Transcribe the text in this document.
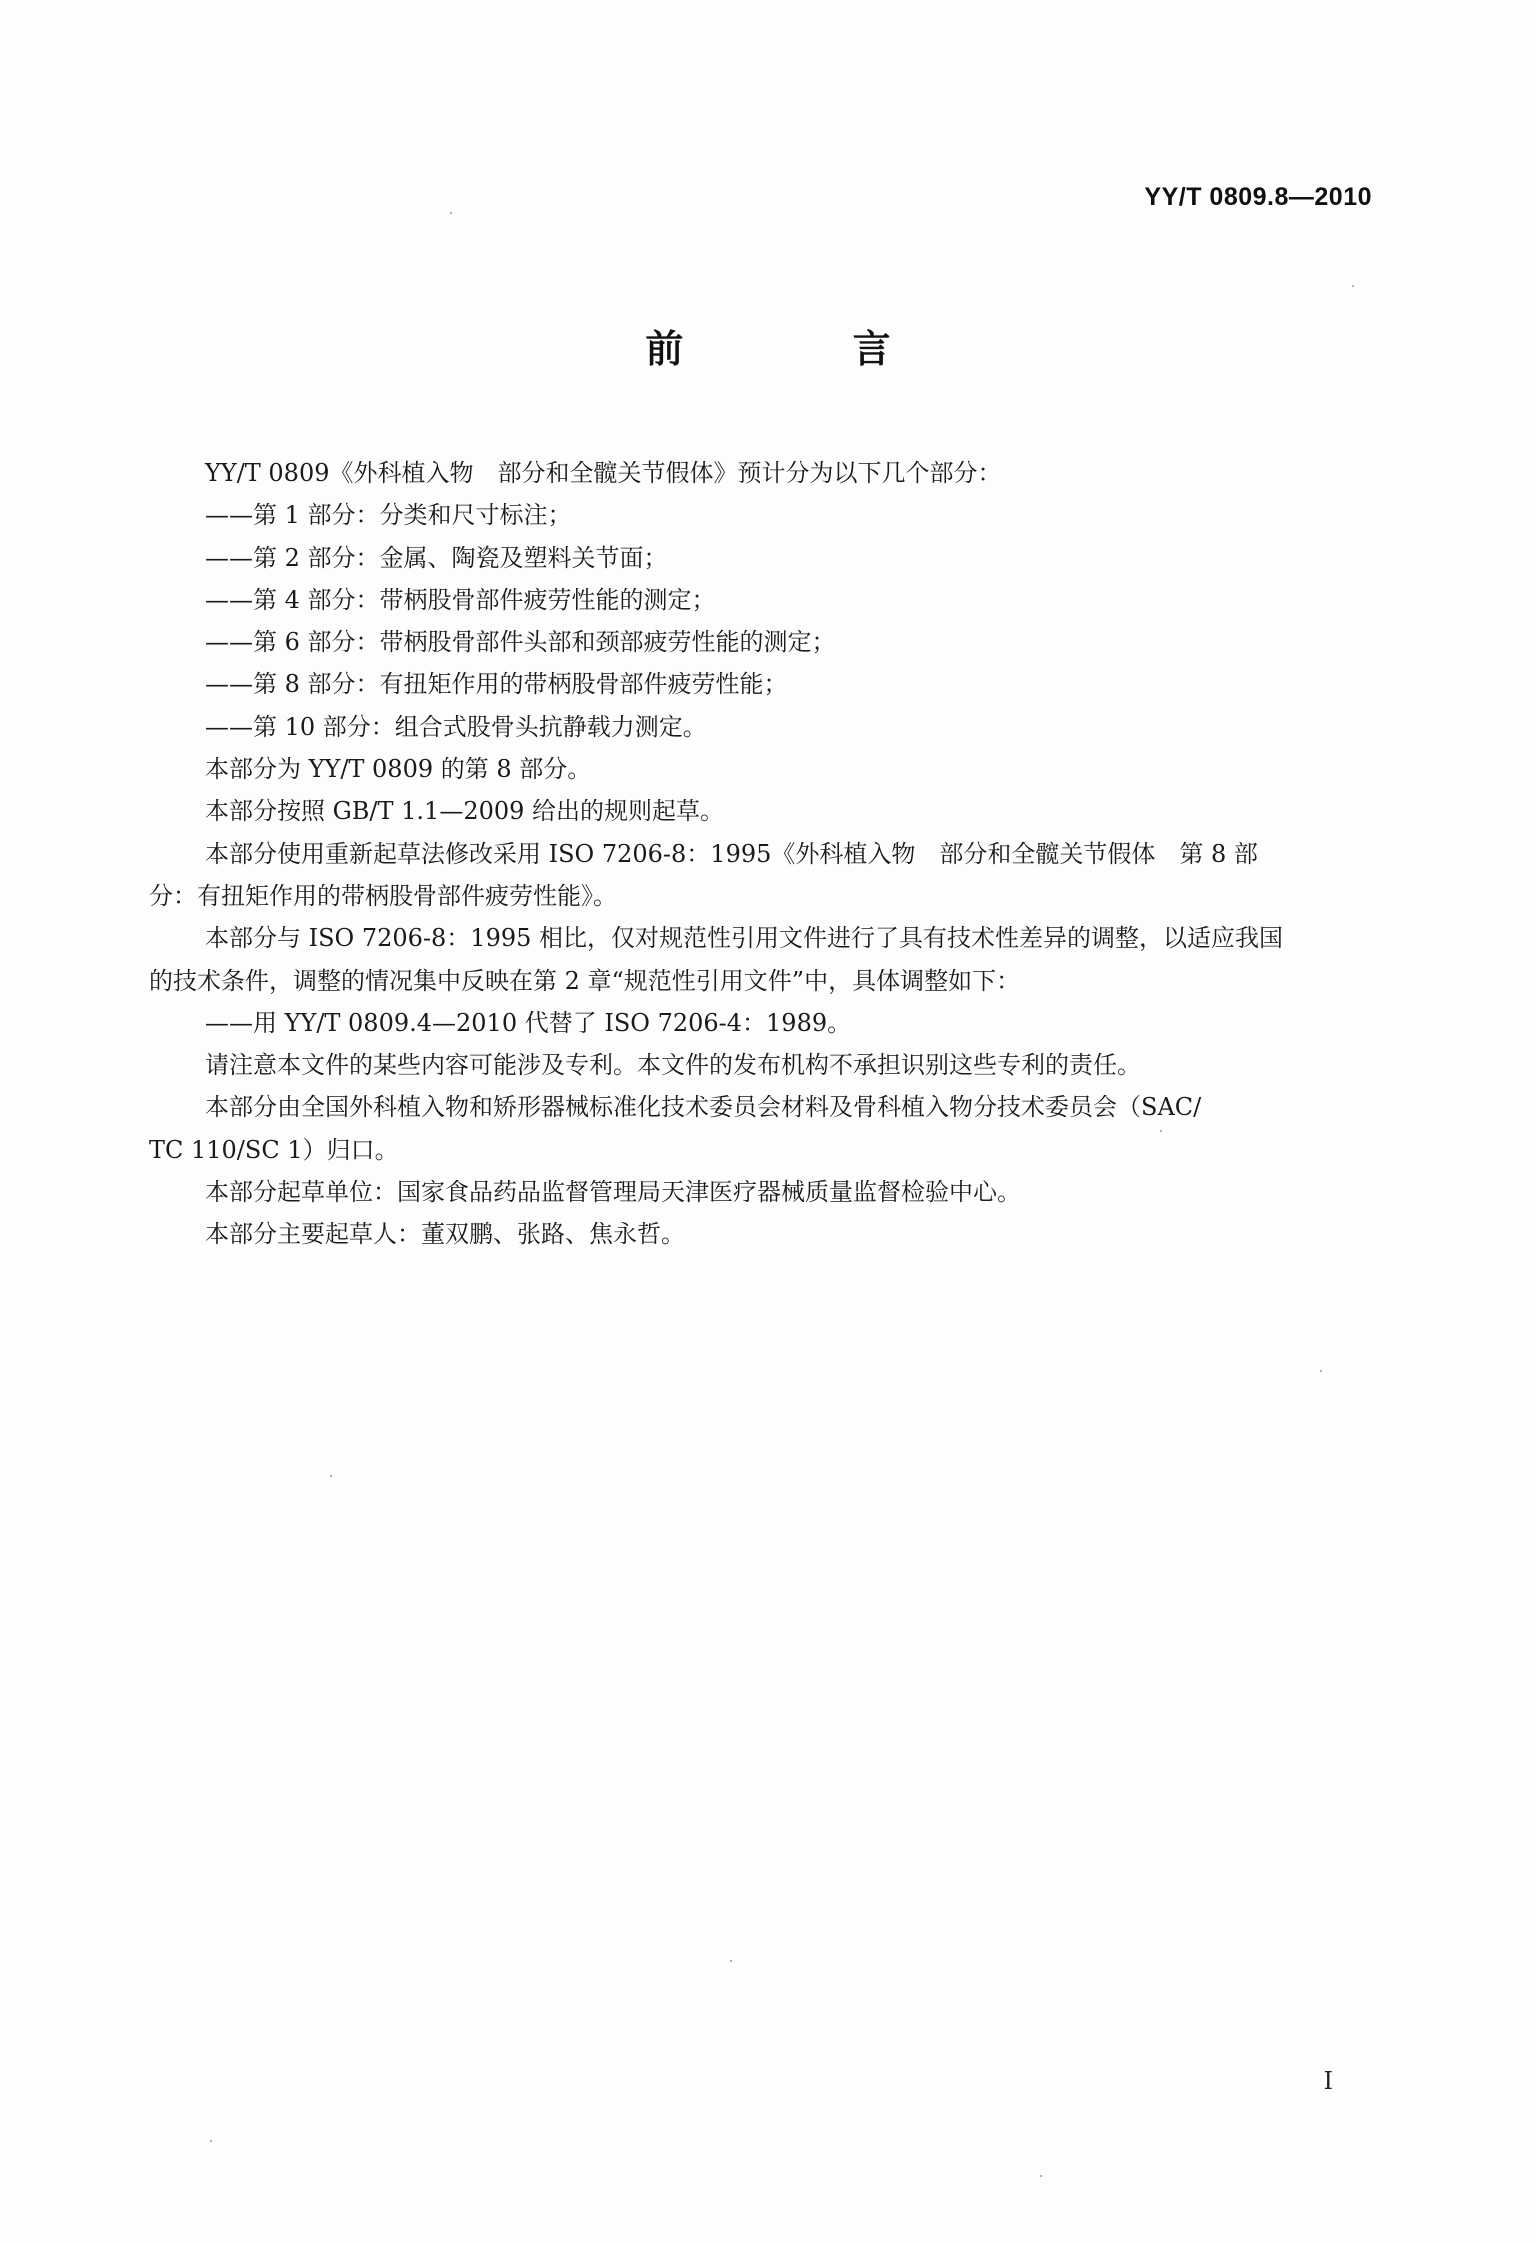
YY/T 0809.8—2010
前 言

YY/T 0809《外科植入物　部分和全髋关节假体》预计分为以下几个部分：

——第 1 部分：分类和尺寸标注；

——第 2 部分：金属、陶瓷及塑料关节面；

——第 4 部分：带柄股骨部件疲劳性能的测定；

——第 6 部分：带柄股骨部件头部和颈部疲劳性能的测定；

——第 8 部分：有扭矩作用的带柄股骨部件疲劳性能；

——第 10 部分：组合式股骨头抗静载力测定。

本部分为 YY/T 0809 的第 8 部分。

本部分按照 GB/T 1.1—2009 给出的规则起草。

本部分使用重新起草法修改采用 ISO 7206-8：1995《外科植入物　部分和全髋关节假体　第 8 部

分：有扭矩作用的带柄股骨部件疲劳性能》。

本部分与 ISO 7206-8：1995 相比，仅对规范性引用文件进行了具有技术性差异的调整，以适应我国

的技术条件，调整的情况集中反映在第 2 章“规范性引用文件”中，具体调整如下：

——用 YY/T 0809.4—2010 代替了 ISO 7206-4：1989。

请注意本文件的某些内容可能涉及专利。本文件的发布机构不承担识别这些专利的责任。

本部分由全国外科植入物和矫形器械标准化技术委员会材料及骨科植入物分技术委员会（SAC/

TC 110/SC 1）归口。

本部分起草单位：国家食品药品监督管理局天津医疗器械质量监督检验中心。

本部分主要起草人：董双鹏、张路、焦永哲。

I
